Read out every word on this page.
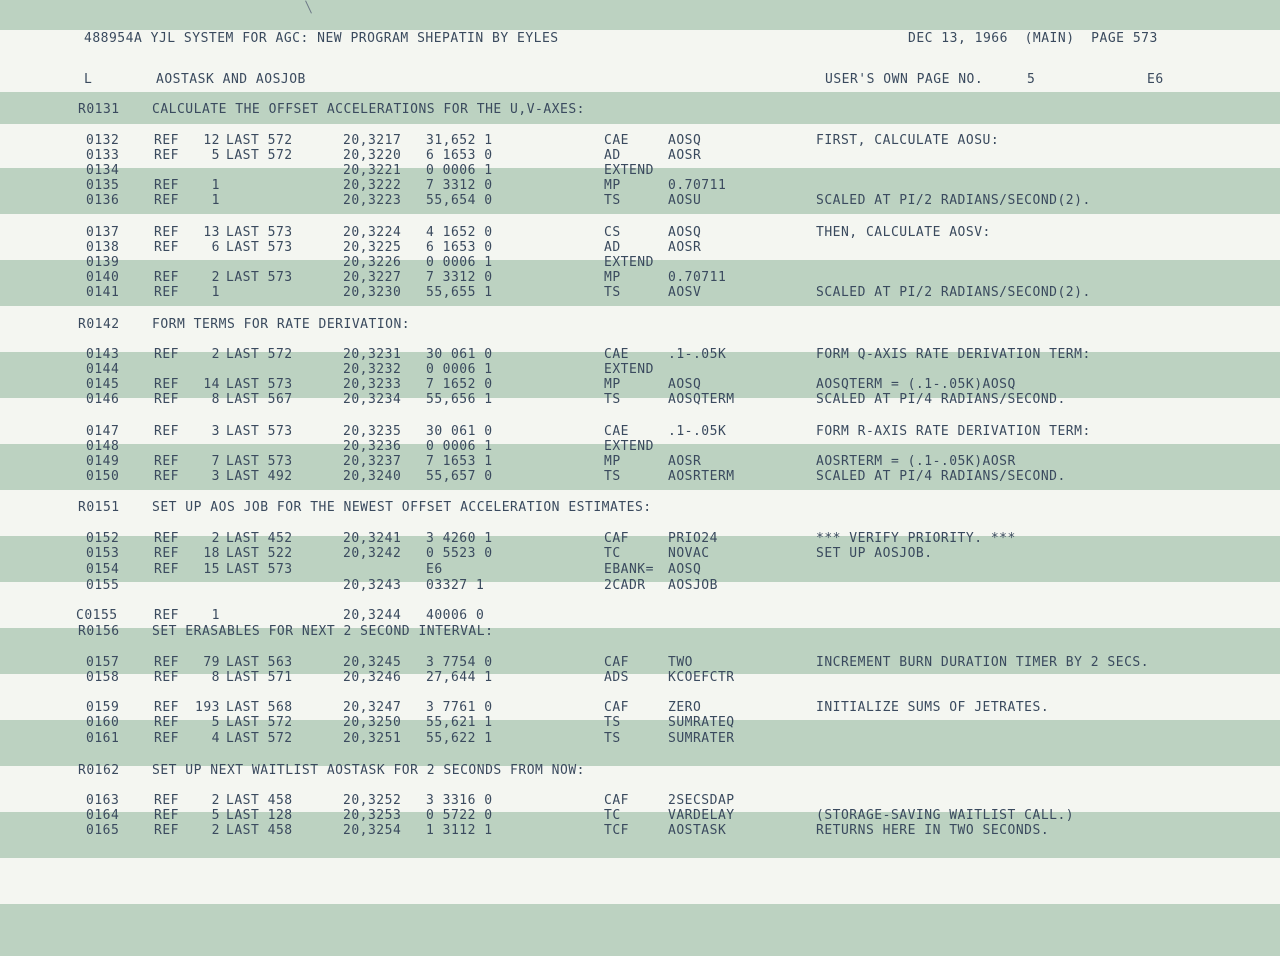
488954A YJL SYSTEM FOR AGC: NEW PROGRAM SHEPATIN BY EYLES

	DEC 13, 1966  (MAIN)  PAGE 573

L

	AOSTASK AND AOSJOB

	USER'S OWN PAGE NO.

	5

	E6

R0131 CALCULATE THE OFFSET ACCELERATIONS FOR THE U,V-AXES:
0132	REF	12 LAST 572	20,3217 31,652 1	CAE	AOSQ	FIRST, CALCULATE AOSU:
0133	REF	5 LAST 572	20,3220 6 1653 0	AD	AOSR
0134	20,3221 0 0006 1	EXTEND
0135	REF	1	20,3222 7 3312 0	MP	0.70711
0136	REF	1	20,3223 55,654 0	TS	AOSU	SCALED AT PI/2 RADIANS/SECOND(2).
0137	REF	13 LAST 573	20,3224 4 1652 0	CS	AOSQ	THEN, CALCULATE AOSV:
0138	REF	6 LAST 573	20,3225 6 1653 0	AD	AOSR
0139	20,3226 0 0006 1	EXTEND
0140	REF	2 LAST 573	20,3227 7 3312 0	MP	0.70711
0141	REF	1	20,3230 55,655 1	TS	AOSV	SCALED AT PI/2 RADIANS/SECOND(2).
R0142 FORM TERMS FOR RATE DERIVATION:
0143	REF	2 LAST 572	20,3231 30 061 0	CAE	.1-.05K	FORM Q-AXIS RATE DERIVATION TERM:
0144	20,3232 0 0006 1	EXTEND
0145	REF	14 LAST 573	20,3233 7 1652 0	MP	AOSQ	AOSQTERM = (.1-.05K)AOSQ
0146	REF	8 LAST 567	20,3234 55,656 1	TS	AOSQTERM	SCALED AT PI/4 RADIANS/SECOND.
0147	REF	3 LAST 573	20,3235 30 061 0	CAE	.1-.05K	FORM R-AXIS RATE DERIVATION TERM:
0148	20,3236 0 0006 1	EXTEND
0149	REF	7 LAST 573	20,3237 7 1653 1	MP	AOSR	AOSRTERM = (.1-.05K)AOSR
0150	REF	3 LAST 492	20,3240 55,657 0	TS	AOSRTERM	SCALED AT PI/4 RADIANS/SECOND.
R0151 SET UP AOS JOB FOR THE NEWEST OFFSET ACCELERATION ESTIMATES:
0152	REF	2 LAST 452	20,3241 3 4260 1	CAF	PRIO24	*** VERIFY PRIORITY. ***
0153	REF	18 LAST 522	20,3242 0 5523 0	TC	NOVAC	SET UP AOSJOB.
0154	REF	15 LAST 573	E6	EBANK= AOSQ
0155	20,3243 03327 1	2CADR AOSJOB
C0155	REF	1	20,3244 40006 0
R0156 SET ERASABLES FOR NEXT 2 SECOND INTERVAL:
0157	REF	79 LAST 563	20,3245 3 7754 0	CAF	TWO	INCREMENT BURN DURATION TIMER BY 2 SECS.
0158	REF	8 LAST 571	20,3246 27,644 1	ADS	KCOEFCTR
0159	REF	193 LAST 568	20,3247 3 7761 0	CAF	ZERO	INITIALIZE SUMS OF JETRATES.
0160	REF	5 LAST 572	20,3250 55,621 1	TS	SUMRATEQ
0161	REF	4 LAST 572	20,3251 55,622 1	TS	SUMRATER
R0162 SET UP NEXT WAITLIST AOSTASK FOR 2 SECONDS FROM NOW:
0163	REF	2 LAST 458	20,3252 3 3316 0	CAF	2SECSDAP
0164	REF	5 LAST 128	20,3253 0 5722 0	TC	VARDELAY	(STORAGE-SAVING WAITLIST CALL.)
0165	REF	2 LAST 458	20,3254 1 3112 1	TCF	AOSTASK	RETURNS HERE IN TWO SECONDS.
